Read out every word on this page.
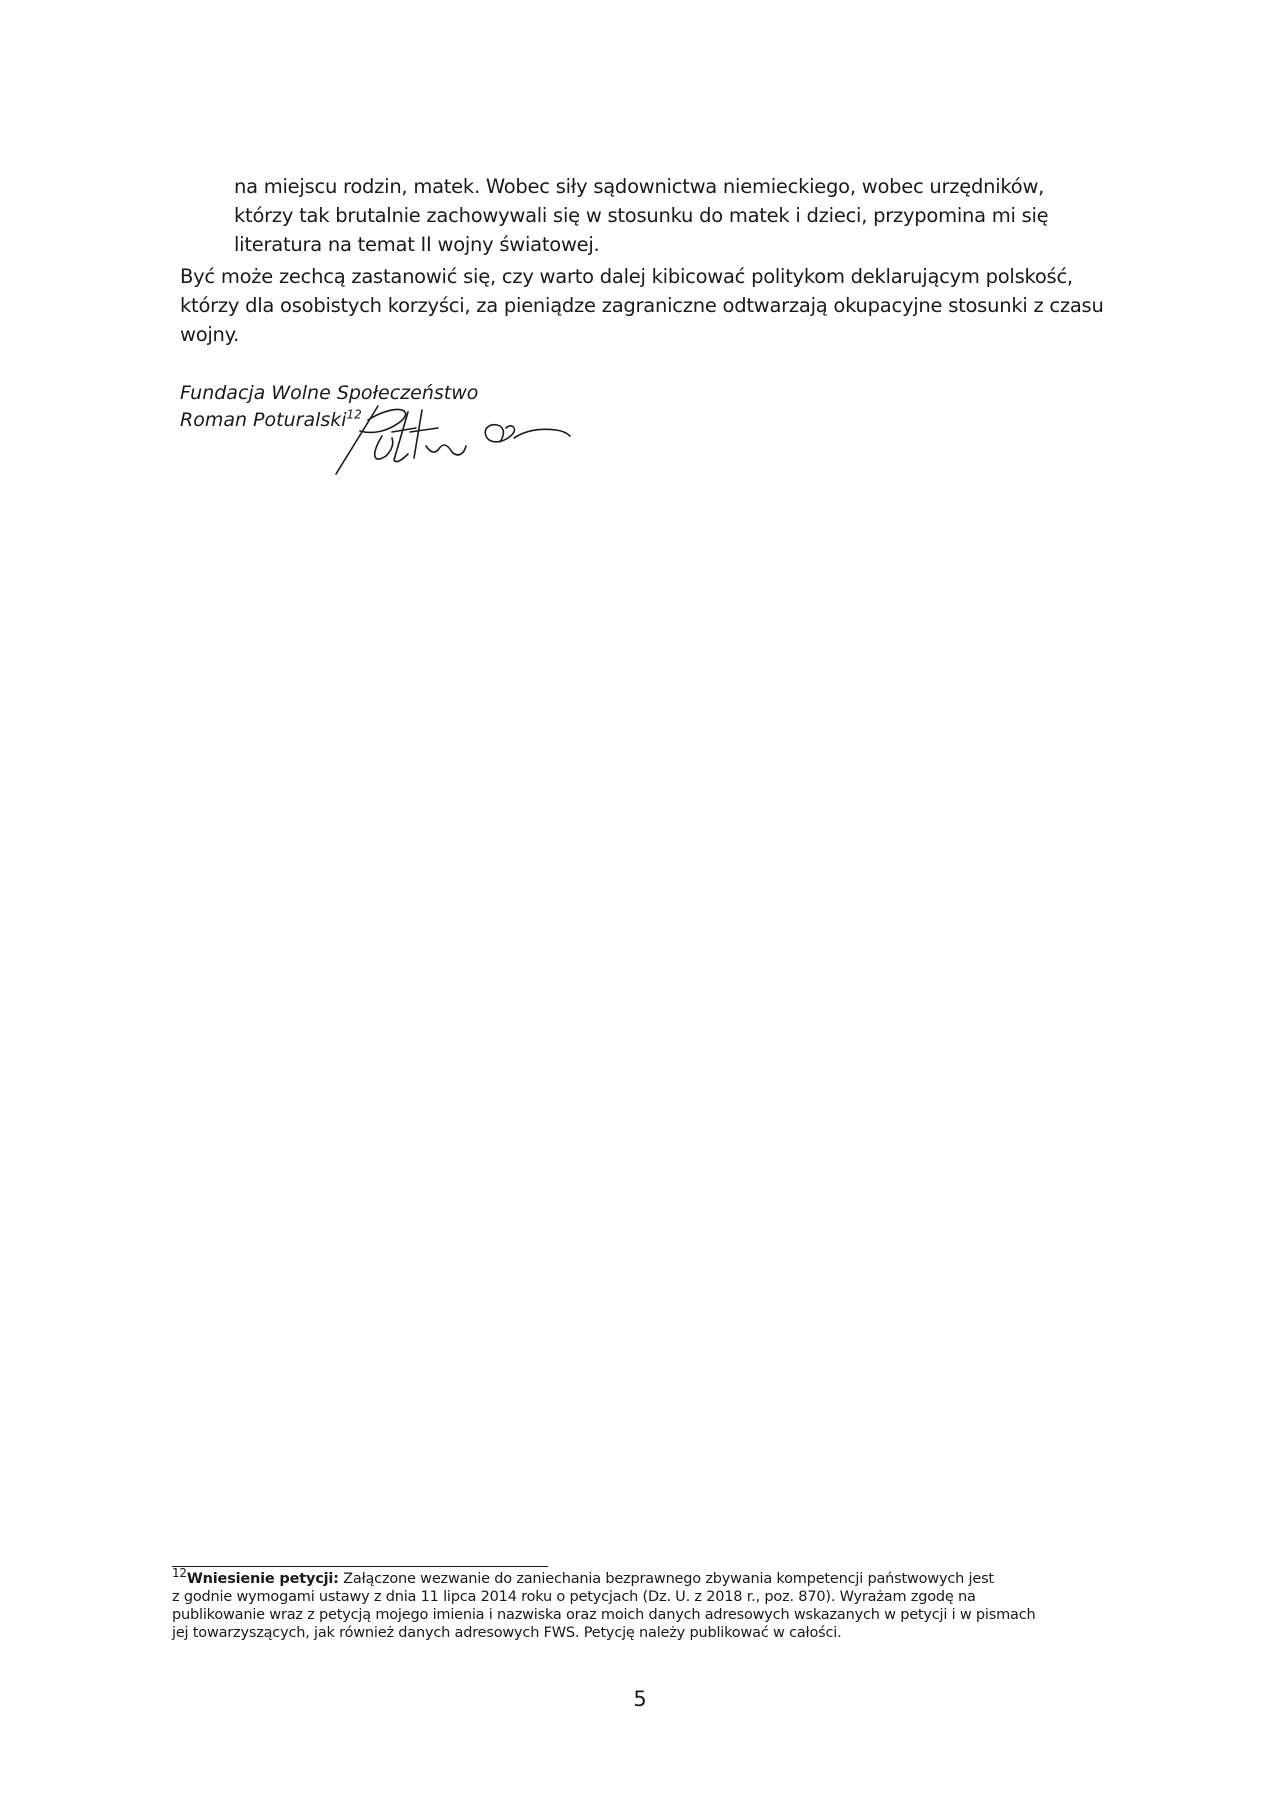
na miejscu rodzin, matek. Wobec siły sądownictwa niemieckiego, wobec urzędników,

którzy tak brutalnie zachowywali się w stosunku do matek i dzieci, przypomina mi się

literatura na temat II wojny światowej.

Być może zechcą zastanowić się, czy warto dalej kibicować politykom deklarującym polskość,

którzy dla osobistych korzyści, za pieniądze zagraniczne odtwarzają okupacyjne stosunki z czasu

wojny.

Fundacja Wolne Społeczeństwo

Roman Poturalski$^{12}$

$^{12}$Wniesienie petycji: Załączone wezwanie do zaniechania bezprawnego zbywania kompetencji państwowych jest

z godnie wymogami ustawy z dnia 11 lipca 2014 roku o petycjach (Dz. U. z 2018 r., poz. 870). Wyrażam zgodę na

publikowanie wraz z petycją mojego imienia i nazwiska oraz moich danych adresowych wskazanych w petycji i w pismach

jej towarzyszących, jak również danych adresowych FWS. Petycję należy publikować w całości.

5
